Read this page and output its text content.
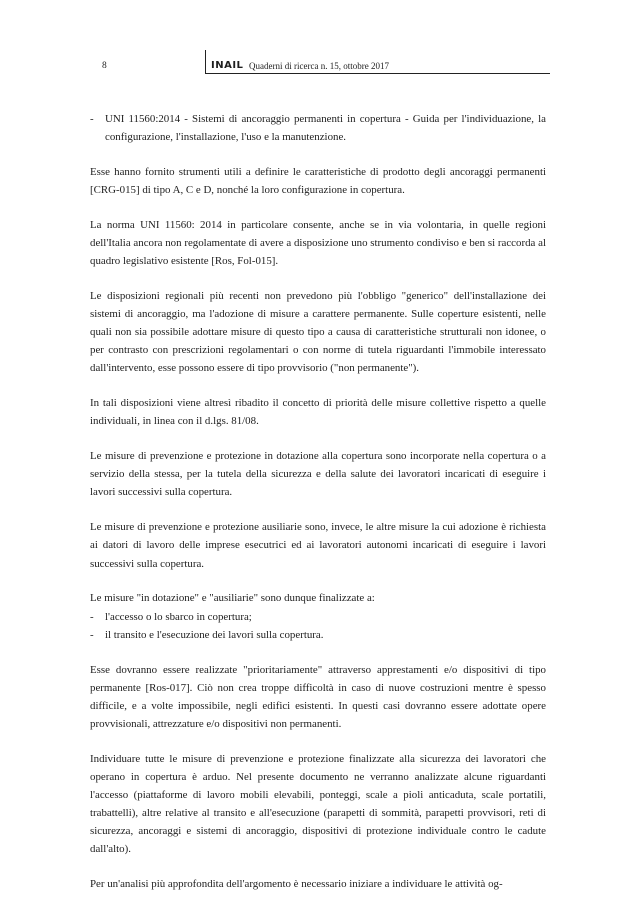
8	INAIL Quaderni di ricerca n. 15, ottobre 2017
-	UNI 11560:2014 - Sistemi di ancoraggio permanenti in copertura - Guida per l'individuazione, la configurazione, l'installazione, l'uso e la manutenzione.

Esse hanno fornito strumenti utili a definire le caratteristiche di prodotto degli ancoraggi permanenti [CRG-015] di tipo A, C e D, nonché la loro configurazione in copertura.

La norma UNI 11560: 2014 in particolare consente, anche se in via volontaria, in quelle regioni dell'Italia ancora non regolamentate di avere a disposizione uno strumento condiviso e ben si raccorda al quadro legislativo esistente [Ros, Fol-015].

Le disposizioni regionali più recenti non prevedono più l'obbligo "generico" dell'installazione dei sistemi di ancoraggio, ma l'adozione di misure a carattere permanente. Sulle coperture esistenti, nelle quali non sia possibile adottare misure di questo tipo a causa di caratteristiche strutturali non idonee, o per contrasto con prescrizioni regolamentari o con norme di tutela riguardanti l'immobile interessato dall'intervento, esse possono essere di tipo provvisorio ("non permanente").

In tali disposizioni viene altresì ribadito il concetto di priorità delle misure collettive rispetto a quelle individuali, in linea con il d.lgs. 81/08.

Le misure di prevenzione e protezione in dotazione alla copertura sono incorporate nella copertura o a servizio della stessa, per la tutela della sicurezza e della salute dei lavoratori incaricati di eseguire i lavori successivi sulla copertura.

Le misure di prevenzione e protezione ausiliarie sono, invece, le altre misure la cui adozione è richiesta ai datori di lavoro delle imprese esecutrici ed ai lavoratori autonomi incaricati di eseguire i lavori successivi sulla copertura.

Le misure "in dotazione" e "ausiliarie" sono dunque finalizzate a:

-	l'accesso o lo sbarco in copertura;
-	il transito e l'esecuzione dei lavori sulla copertura.

Esse dovranno essere realizzate "prioritariamente" attraverso apprestamenti e/o dispositivi di tipo permanente [Ros-017]. Ciò non crea troppe difficoltà in caso di nuove costruzioni mentre è spesso difficile, e a volte impossibile, negli edifici esistenti. In questi casi dovranno essere adottate opere provvisionali, attrezzature e/o dispositivi non permanenti.

Individuare tutte le misure di prevenzione e protezione finalizzate alla sicurezza dei lavoratori che operano in copertura è arduo. Nel presente documento ne verranno analizzate alcune riguardanti l'accesso (piattaforme di lavoro mobili elevabili, ponteggi, scale a pioli anticaduta, scale portatili, trabattelli), altre relative al transito e all'esecuzione (parapetti di sommità, parapetti provvisori, reti di sicurezza, ancoraggi e sistemi di ancoraggio, dispositivi di protezione individuale contro le cadute dall'alto).

Per un'analisi più approfondita dell'argomento è necessario iniziare a individuare le attività og-
